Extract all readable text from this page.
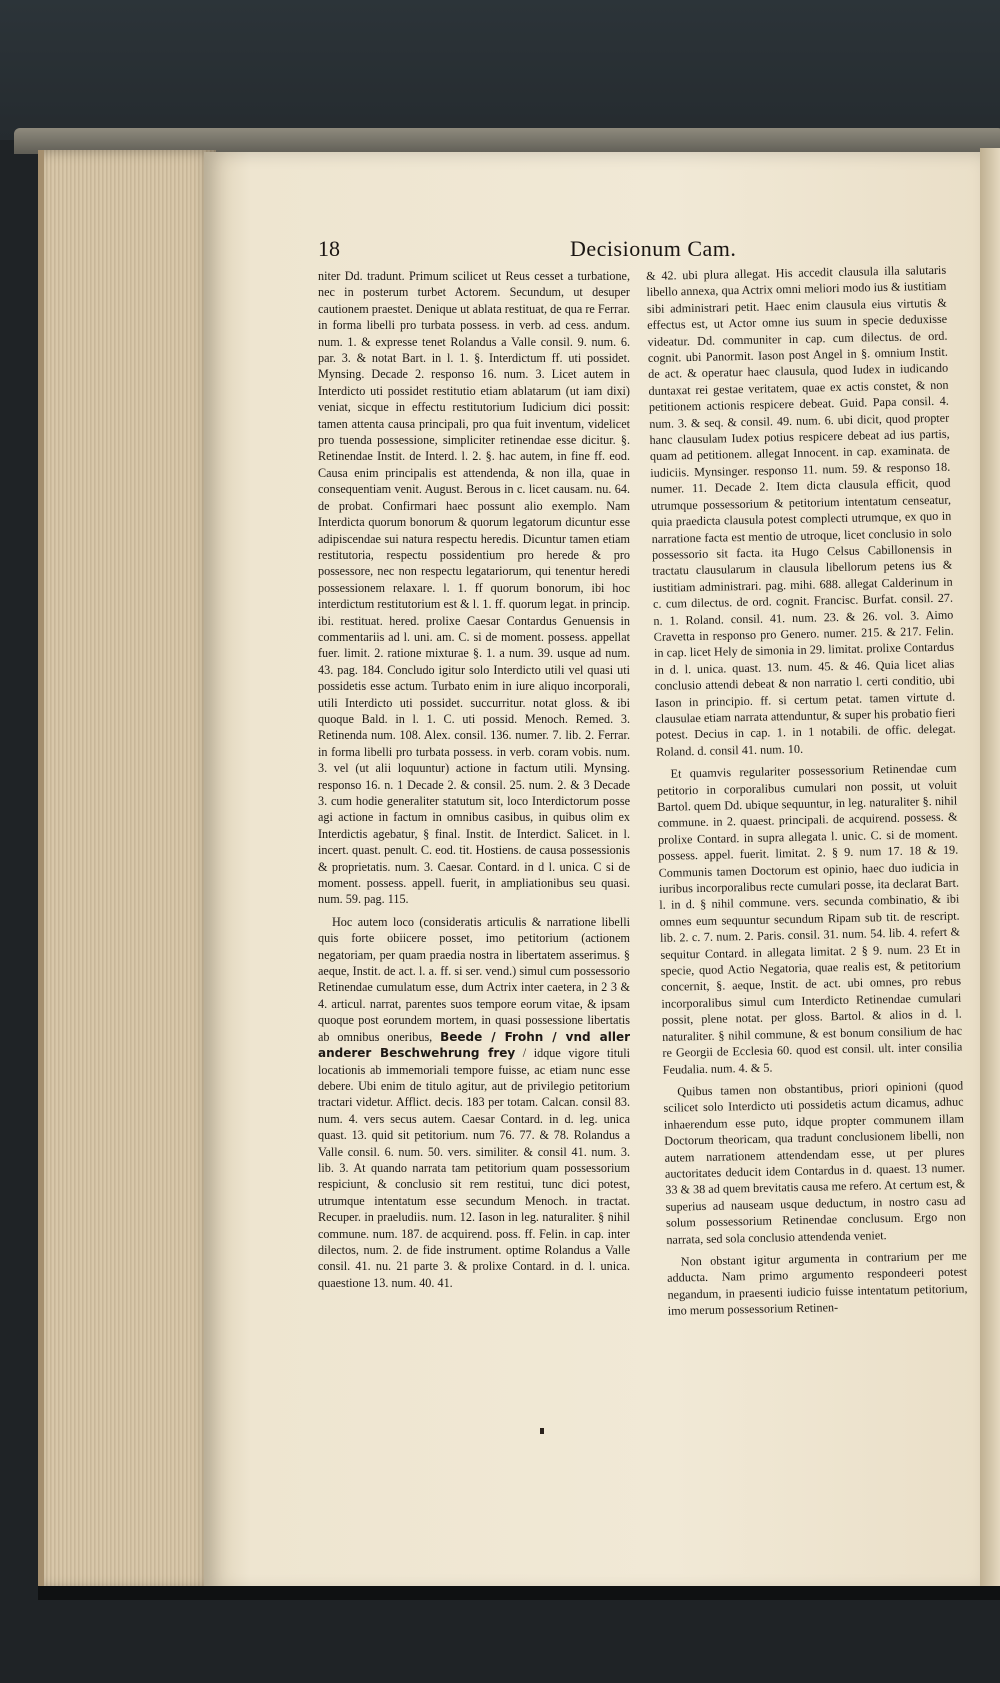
18	Decisionum Cam.

niter Dd. tradunt. Primum scilicet ut Reus cesset a turbatione, nec in posterum turbet Actorem. Secundum, ut desuper cautionem praestet. Denique ut ablata restituat, de qua re Ferrar. in forma libelli pro turbata possess. in verb. ad cess. andum. num. 1. & expresse tenet Rolandus a Valle consil. 9. num. 6. par. 3. & notat Bart. in l. 1. §. Interdictum ff. uti possidet. Mynsing. Decade 2. responso 16. num. 3. Licet autem in Interdicto uti possidet restitutio etiam ablatarum (ut iam dixi) veniat, sicque in effectu restitutorium Iudicium dici possit: tamen attenta causa principali, pro qua fuit inventum, videlicet pro tuenda possessione, simpliciter retinendae esse dicitur. §. Retinendae Instit. de Interd. l. 2. §. hac autem, in fine ff. eod. Causa enim principalis est attendenda, & non illa, quae in consequentiam venit. August. Berous in c. licet causam. nu. 64. de probat. Confirmari haec possunt alio exemplo. Nam Interdicta quorum bonorum & quorum legatorum dicuntur esse adipiscendae sui natura respectu heredis. Dicuntur tamen etiam restitutoria, respectu possidentium pro herede & pro possessore, nec non respectu legatariorum, qui tenentur heredi possessionem relaxare. l. 1. ff quorum bonorum, ibi hoc interdictum restitutorium est & l. 1. ff. quorum legat. in princip. ibi. restituat. hered. prolixe Caesar Contardus Genuensis in commentariis ad l. uni. am. C. si de moment. possess. appellat fuer. limit. 2. ratione mixturae §. 1. a num. 39. usque ad num. 43. pag. 184. Concludo igitur solo Interdicto utili vel quasi uti possidetis esse actum. Turbato enim in iure aliquo incorporali, utili Interdicto uti possidet. succurritur. notat gloss. & ibi quoque Bald. in l. 1. C. uti possid. Menoch. Remed. 3. Retinenda num. 108. Alex. consil. 136. numer. 7. lib. 2. Ferrar. in forma libelli pro turbata possess. in verb. coram vobis. num. 3. vel (ut alii loquuntur) actione in factum utili. Mynsing. responso 16. n. 1 Decade 2. & consil. 25. num. 2. & 3 Decade 3. cum hodie generaliter statutum sit, loco Interdictorum posse agi actione in factum in omnibus casibus, in quibus olim ex Interdictis agebatur, § final. Instit. de Interdict. Salicet. in l. incert. quast. penult. C. eod. tit. Hostiens. de causa possessionis & proprietatis. num. 3. Caesar. Contard. in d l. unica. C si de moment. possess. appell. fuerit, in ampliationibus seu quasi. num. 59. pag. 115.

Hoc autem loco (consideratis articulis & narratione libelli quis forte obiicere posset, imo petitorium (actionem negatoriam, per quam praedia nostra in libertatem asserimus. § aeque, Instit. de act. l. a. ff. si ser. vend.) simul cum possessorio Retinendae cumulatum esse, dum Actrix inter caetera, in 2 3 & 4. articul. narrat, parentes suos tempore eorum vitae, & ipsam quoque post eorundem mortem, in quasi possessione libertatis ab omnibus oneribus, Beede / Frohn / vnd aller anderer Beschwehrung frey / idque vigore tituli locationis ab immemoriali tempore fuisse, ac etiam nunc esse debere. Ubi enim de titulo agitur, aut de privilegio petitorium tractari videtur. Afflict. decis. 183 per totam. Calcan. consil 83. num. 4. vers secus autem. Caesar Contard. in d. leg. unica quast. 13. quid sit petitorium. num 76. 77. & 78. Rolandus a Valle consil. 6. num. 50. vers. similiter. & consil 41. num. 3. lib. 3. At quando narrata tam petitorium quam possessorium respiciunt, & conclusio sit rem restitui, tunc dici potest, utrumque intentatum esse secundum Menoch. in tractat. Recuper. in praeludiis. num. 12. Iason in leg. naturaliter. § nihil commune. num. 187. de acquirend. poss. ff. Felin. in cap. inter dilectos, num. 2. de fide instrument. optime Rolandus a Valle consil. 41. nu. 21 parte 3. & prolixe Contard. in d. l. unica. quaestione 13. num. 40. 41.

& 42. ubi plura allegat. His accedit clausula illa salutaris libello annexa, qua Actrix omni meliori modo ius & iustitiam sibi administrari petit. Haec enim clausula eius virtutis & effectus est, ut Actor omne ius suum in specie deduxisse videatur. Dd. communiter in cap. cum dilectus. de ord. cognit. ubi Panormit. Iason post Angel in §. omnium Instit. de act. & operatur haec clausula, quod Iudex in iudicando duntaxat rei gestae veritatem, quae ex actis constet, & non petitionem actionis respicere debeat. Guid. Papa consil. 4. num. 3. & seq. & consil. 49. num. 6. ubi dicit, quod propter hanc clausulam Iudex potius respicere debeat ad ius partis, quam ad petitionem. allegat Innocent. in cap. examinata. de iudiciis. Mynsinger. responso 11. num. 59. & responso 18. numer. 11. Decade 2. Item dicta clausula efficit, quod utrumque possessorium & petitorium intentatum censeatur, quia praedicta clausula potest complecti utrumque, ex quo in narratione facta est mentio de utroque, licet conclusio in solo possessorio sit facta. ita Hugo Celsus Cabillonensis in tractatu clausularum in clausula libellorum petens ius & iustitiam administrari. pag. mihi. 688. allegat Calderinum in c. cum dilectus. de ord. cognit. Francisc. Burfat. consil. 27. n. 1. Roland. consil. 41. num. 23. & 26. vol. 3. Aimo Cravetta in responso pro Genero. numer. 215. & 217. Felin. in cap. licet Hely de simonia in 29. limitat. prolixe Contardus in d. l. unica. quast. 13. num. 45. & 46. Quia licet alias conclusio attendi debeat & non narratio l. certi conditio, ubi Iason in principio. ff. si certum petat. tamen virtute d. clausulae etiam narrata attenduntur, & super his probatio fieri potest. Decius in cap. 1. in 1 notabili. de offic. delegat. Roland. d. consil 41. num. 10.

Et quamvis regulariter possessorium Retinendae cum petitorio in corporalibus cumulari non possit, ut voluit Bartol. quem Dd. ubique sequuntur, in leg. naturaliter §. nihil commune. in 2. quaest. principali. de acquirend. possess. & prolixe Contard. in supra allegata l. unic. C. si de moment. possess. appel. fuerit. limitat. 2. § 9. num 17. 18 & 19. Communis tamen Doctorum est opinio, haec duo iudicia in iuribus incorporalibus recte cumulari posse, ita declarat Bart. l. in d. § nihil commune. vers. secunda combinatio, & ibi omnes eum sequuntur secundum Ripam sub tit. de rescript. lib. 2. c. 7. num. 2. Paris. consil. 31. num. 54. lib. 4. refert & sequitur Contard. in allegata limitat. 2 § 9. num. 23 Et in specie, quod Actio Negatoria, quae realis est, & petitorium concernit, §. aeque, Instit. de act. ubi omnes, pro rebus incorporalibus simul cum Interdicto Retinendae cumulari possit, plene notat. per gloss. Bartol. & alios in d. l. naturaliter. § nihil commune, & est bonum consilium de hac re Georgii de Ecclesia 60. quod est consil. ult. inter consilia Feudalia. num. 4. & 5.

Quibus tamen non obstantibus, priori opinioni (quod scilicet solo Interdicto uti possidetis actum dicamus, adhuc inhaerendum esse puto, idque propter communem illam Doctorum theoricam, qua tradunt conclusionem libelli, non autem narrationem attendendam esse, ut per plures auctoritates deducit idem Contardus in d. quaest. 13 numer. 33 & 38 ad quem brevitatis causa me refero. At certum est, & superius ad nauseam usque deductum, in nostro casu ad solum possessorium Retinendae conclusum. Ergo non narrata, sed sola conclusio attendenda veniet.

Non obstant igitur argumenta in contrarium per me adducta. Nam primo argumento respondeeri potest negandum, in praesenti iudicio fuisse intentatum petitorium, imo merum possessorium Retinen-
